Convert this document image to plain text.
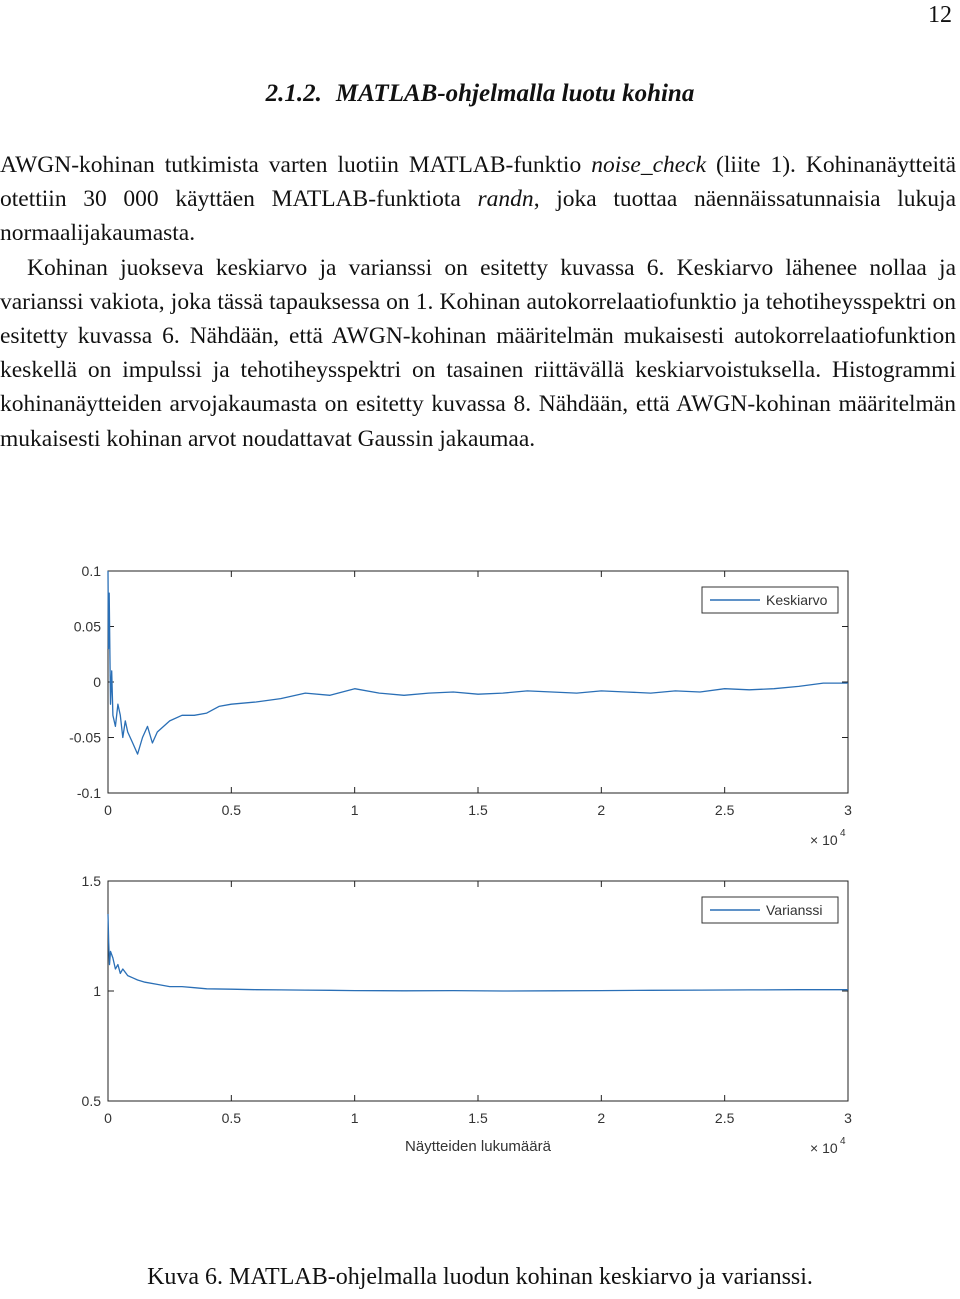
12
2.1.2. MATLAB-ohjelmalla luotu kohina

AWGN-kohinan tutkimista varten luotiin MATLAB-funktio noise_check (liite 1). Kohinanäytteitä otettiin 30 000 käyttäen MATLAB-funktiota randn, joka tuottaa näennäissatunnaisia lukuja normaalijakaumasta.

Kohinan juokseva keskiarvo ja varianssi on esitetty kuvassa 6. Keskiarvo lähenee nollaa ja varianssi vakiota, joka tässä tapauksessa on 1. Kohinan autokorrelaatiofunktio ja tehotiheysspektri on esitetty kuvassa 6. Nähdään, että AWGN-kohinan määritelmän mukaisesti autokorrelaatiofunktion keskellä on impulssi ja tehotiheysspektri on tasainen riittävällä keskiarvoistuksella. Histogrammi kohinanäytteiden arvojakaumasta on esitetty kuvassa 8. Nähdään, että AWGN-kohinan määritelmän mukaisesti kohinan arvot noudattavat Gaussin jakaumaa.

0.1
0.05
0
-0.05
-0.1
0	0.5	1	1.5	2	2.5	3
× 10 4
Keskiarvo
1.5
1
0.5
0	0.5	1	1.5	2	2.5	3
× 10 4
Näytteiden lukumäärä
Varianssi
Kuva 6. MATLAB-ohjelmalla luodun kohinan keskiarvo ja varianssi.
